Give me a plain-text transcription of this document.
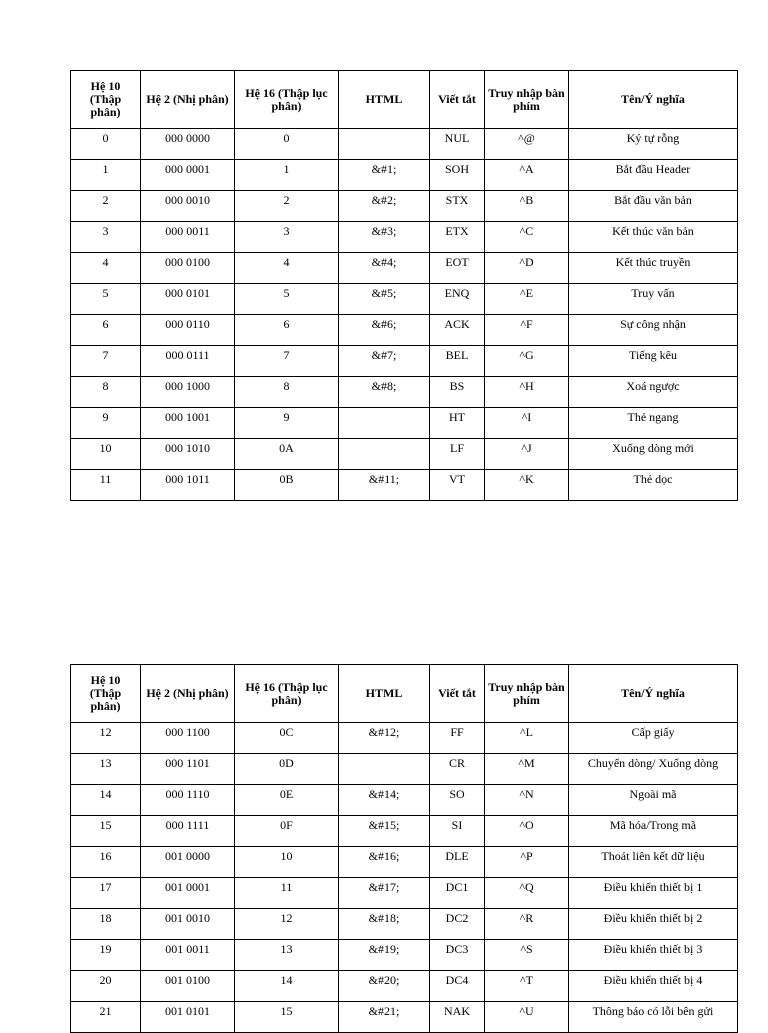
Hệ 10 (Thập phân)	Hệ 2 (Nhị phân)	Hệ 16 (Thập lục phân)	HTML	Viết tắt	Truy nhập bàn phím	Tên/Ý nghĩa
0	000 0000	0		NUL	^@	Ký tự rỗng
1	000 0001	1	&#1;	SOH	^A	Bắt đầu Header
2	000 0010	2	&#2;	STX	^B	Bắt đầu văn bản
3	000 0011	3	&#3;	ETX	^C	Kết thúc văn bản
4	000 0100	4	&#4;	EOT	^D	Kết thúc truyền
5	000 0101	5	&#5;	ENQ	^E	Truy vấn
6	000 0110	6	&#6;	ACK	^F	Sự công nhận
7	000 0111	7	&#7;	BEL	^G	Tiếng kêu
8	000 1000	8	&#8;	BS	^H	Xoá ngược
9	000 1001	9		HT	^I	Thẻ ngang
10	000 1010	0A		LF	^J	Xuống dòng mới
11	000 1011	0B	&#11;	VT	^K	Thẻ dọc
Hệ 10 (Thập phân)	Hệ 2 (Nhị phân)	Hệ 16 (Thập lục phân)	HTML	Viết tắt	Truy nhập bàn phím	Tên/Ý nghĩa
12	000 1100	0C	&#12;	FF	^L	Cấp giấy
13	000 1101	0D		CR	^M	Chuyển dòng/ Xuống dòng
14	000 1110	0E	&#14;	SO	^N	Ngoài mã
15	000 1111	0F	&#15;	SI	^O	Mã hóa/Trong mã
16	001 0000	10	&#16;	DLE	^P	Thoát liên kết dữ liệu
17	001 0001	11	&#17;	DC1	^Q	Điều khiển thiết bị 1
18	001 0010	12	&#18;	DC2	^R	Điều khiển thiết bị 2
19	001 0011	13	&#19;	DC3	^S	Điều khiển thiết bị 3
20	001 0100	14	&#20;	DC4	^T	Điều khiển thiết bị 4
21	001 0101	15	&#21;	NAK	^U	Thông báo có lỗi bên gửi
